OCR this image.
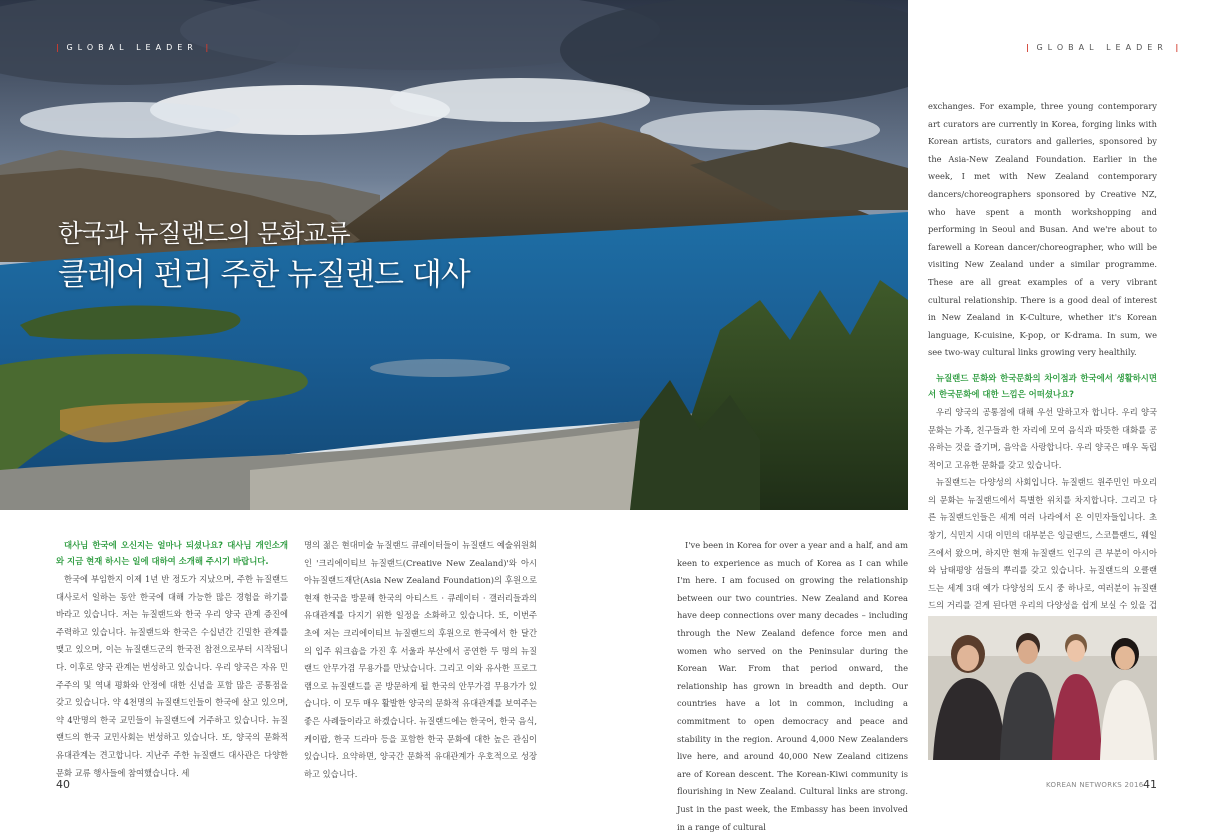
| GLOBAL LEADER |	| GLOBAL LEADER |
한국과 뉴질랜드의 문화교류
클레어 펀리 주한 뉴질랜드 대사
대사님 한국에 오신지는 얼마나 되셨나요? 대사님 개인소개와 지금 현재 하시는 일에 대하여 소개해 주시기 바랍니다.

한국에 부임한지 이제 1년 반 정도가 지났으며, 주한 뉴질랜드대사로서 일하는 동안 한국에 대해 가능한 많은 경험을 하기를 바라고 있습니다. 저는 뉴질랜드와 한국 우리 양국 관계 증진에 주력하고 있습니다. 뉴질랜드와 한국은 수십년간 긴밀한 관계를 맺고 있으며, 이는 뉴질랜드군의 한국전 참전으로부터 시작됩니다. 이후로 양국 관계는 번성하고 있습니다. 우리 양국은 자유 민주주의 및 역내 평화와 안정에 대한 신념을 포함 많은 공통점을 갖고 있습니다. 약 4천명의 뉴질랜드인들이 한국에 살고 있으며, 약 4만명의 한국 교민들이 뉴질랜드에 거주하고 있습니다. 뉴질랜드의 한국 교민사회는 번성하고 있습니다. 또, 양국의 문화적 유대관계는 견고합니다. 지난주 주한 뉴질랜드 대사관은 다양한 문화 교류 행사들에 참여했습니다. 세

명의 젊은 현대미술 뉴질랜드 큐레이터들이 뉴질랜드 예술위원회인 '크리에이티브 뉴질랜드(Creative New Zealand)'와 아시아뉴질랜드재단(Asia New Zealand Foundation)의 후원으로 현재 한국을 방문해 한국의 아티스트 · 큐레이터 · 갤러리들과의 유대관계를 다지기 위한 일정을 소화하고 있습니다. 또, 이번주 초에 저는 크리에이티브 뉴질랜드의 후원으로 한국에서 한 달간의 입주 워크숍을 가진 후 서울과 부산에서 공연한 두 명의 뉴질랜드 안무가겸 무용가를 만났습니다. 그리고 이와 유사한 프로그램으로 뉴질랜드를 곧 방문하게 될 한국의 안무가겸 무용가가 있습니다. 이 모두 매우 활발한 양국의 문화적 유대관계를 보여주는 좋은 사례들이라고 하겠습니다. 뉴질랜드에는 한국어, 한국 음식, 케이팝, 한국 드라마 등을 포함한 한국 문화에 대한 높은 관심이 있습니다. 요약하면, 양국간 문화적 유대관계가 우호적으로 성장하고 있습니다.

I've been in Korea for over a year and a half, and am keen to experience as much of Korea as I can while I'm here. I am focused on growing the relationship between our two countries. New Zealand and Korea have deep connections over many decades – including through the New Zealand defence force men and women who served on the Peninsular during the Korean War. From that period onward, the relationship has grown in breadth and depth. Our countries have a lot in common, including a commitment to open democracy and peace and stability in the region. Around 4,000 New Zealanders live here, and around 40,000 New Zealand citizens are of Korean descent. The Korean-Kiwi community is flourishing in New Zealand. Cultural links are strong. Just in the past week, the Embassy has been involved in a range of cultural

exchanges. For example, three young contemporary art curators are currently in Korea, forging links with Korean artists, curators and galleries, sponsored by the Asia-New Zealand Foundation. Earlier in the week, I met with New Zealand contemporary dancers/choreographers sponsored by Creative NZ, who have spent a month workshopping and performing in Seoul and Busan. And we're about to farewell a Korean dancer/choreographer, who will be visiting New Zealand under a similar programme. These are all great examples of a very vibrant cultural relationship. There is a good deal of interest in New Zealand in K-Culture, whether it's Korean language, K-cuisine, K-pop, or K-drama. In sum, we see two-way cultural links growing very healthily.

뉴질랜드 문화와 한국문화의 차이점과 한국에서 생활하시면서 한국문화에 대한 느낌은 어떠셨나요?

우리 양국의 공통점에 대해 우선 말하고자 합니다. 우리 양국 문화는 가족, 친구들과 한 자리에 모여 음식과 따뜻한 대화를 공유하는 것을 즐기며, 음악을 사랑합니다. 우리 양국은 매우 독립적이고 고유한 문화를 갖고 있습니다.

뉴질랜드는 다양성의 사회입니다. 뉴질랜드 원주민인 마오리의 문화는 뉴질랜드에서 특별한 위치를 차지합니다. 그리고 다른 뉴질랜드인들은 세계 여러 나라에서 온 이민자들입니다. 초창기, 식민지 시대 이민의 대부분은 잉글랜드, 스코틀랜드, 웨일즈에서 왔으며, 하지만 현재 뉴질랜드 인구의 큰 부분이 아시아와 남태평양 섬들의 뿌리를 갖고 있습니다. 뉴질랜드의 오클랜드는 세계 3대 예가 다양성의 도시 중 하나로, 여러분이 뉴질랜드의 거리를 걷게 된다면 우리의 다양성을 쉽게 보실 수 있을 겁

40	KOREAN NETWORKS 2016 41
